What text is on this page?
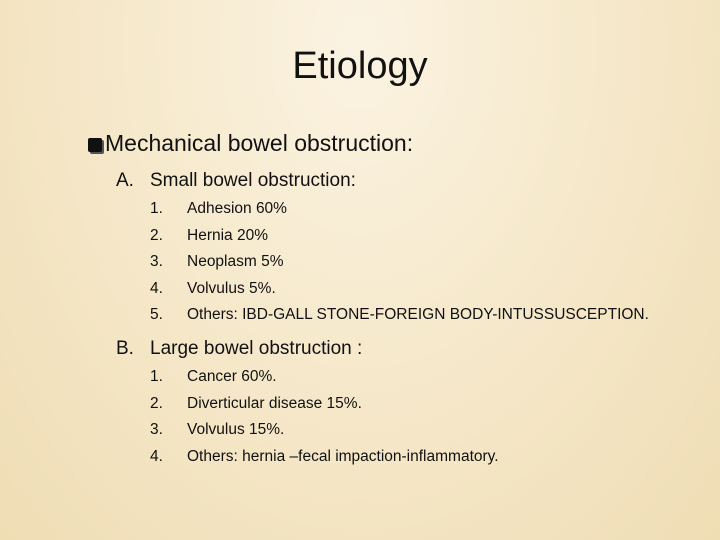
Etiology
Mechanical bowel obstruction:
A. Small bowel obstruction:
1. Adhesion 60%
2. Hernia 20%
3. Neoplasm 5%
4. Volvulus 5%.
5. Others: IBD-GALL STONE-FOREIGN BODY-INTUSSUSCEPTION.
B. Large bowel obstruction :
1. Cancer 60%.
2. Diverticular disease 15%.
3. Volvulus 15%.
4. Others: hernia –fecal impaction-inflammatory.
